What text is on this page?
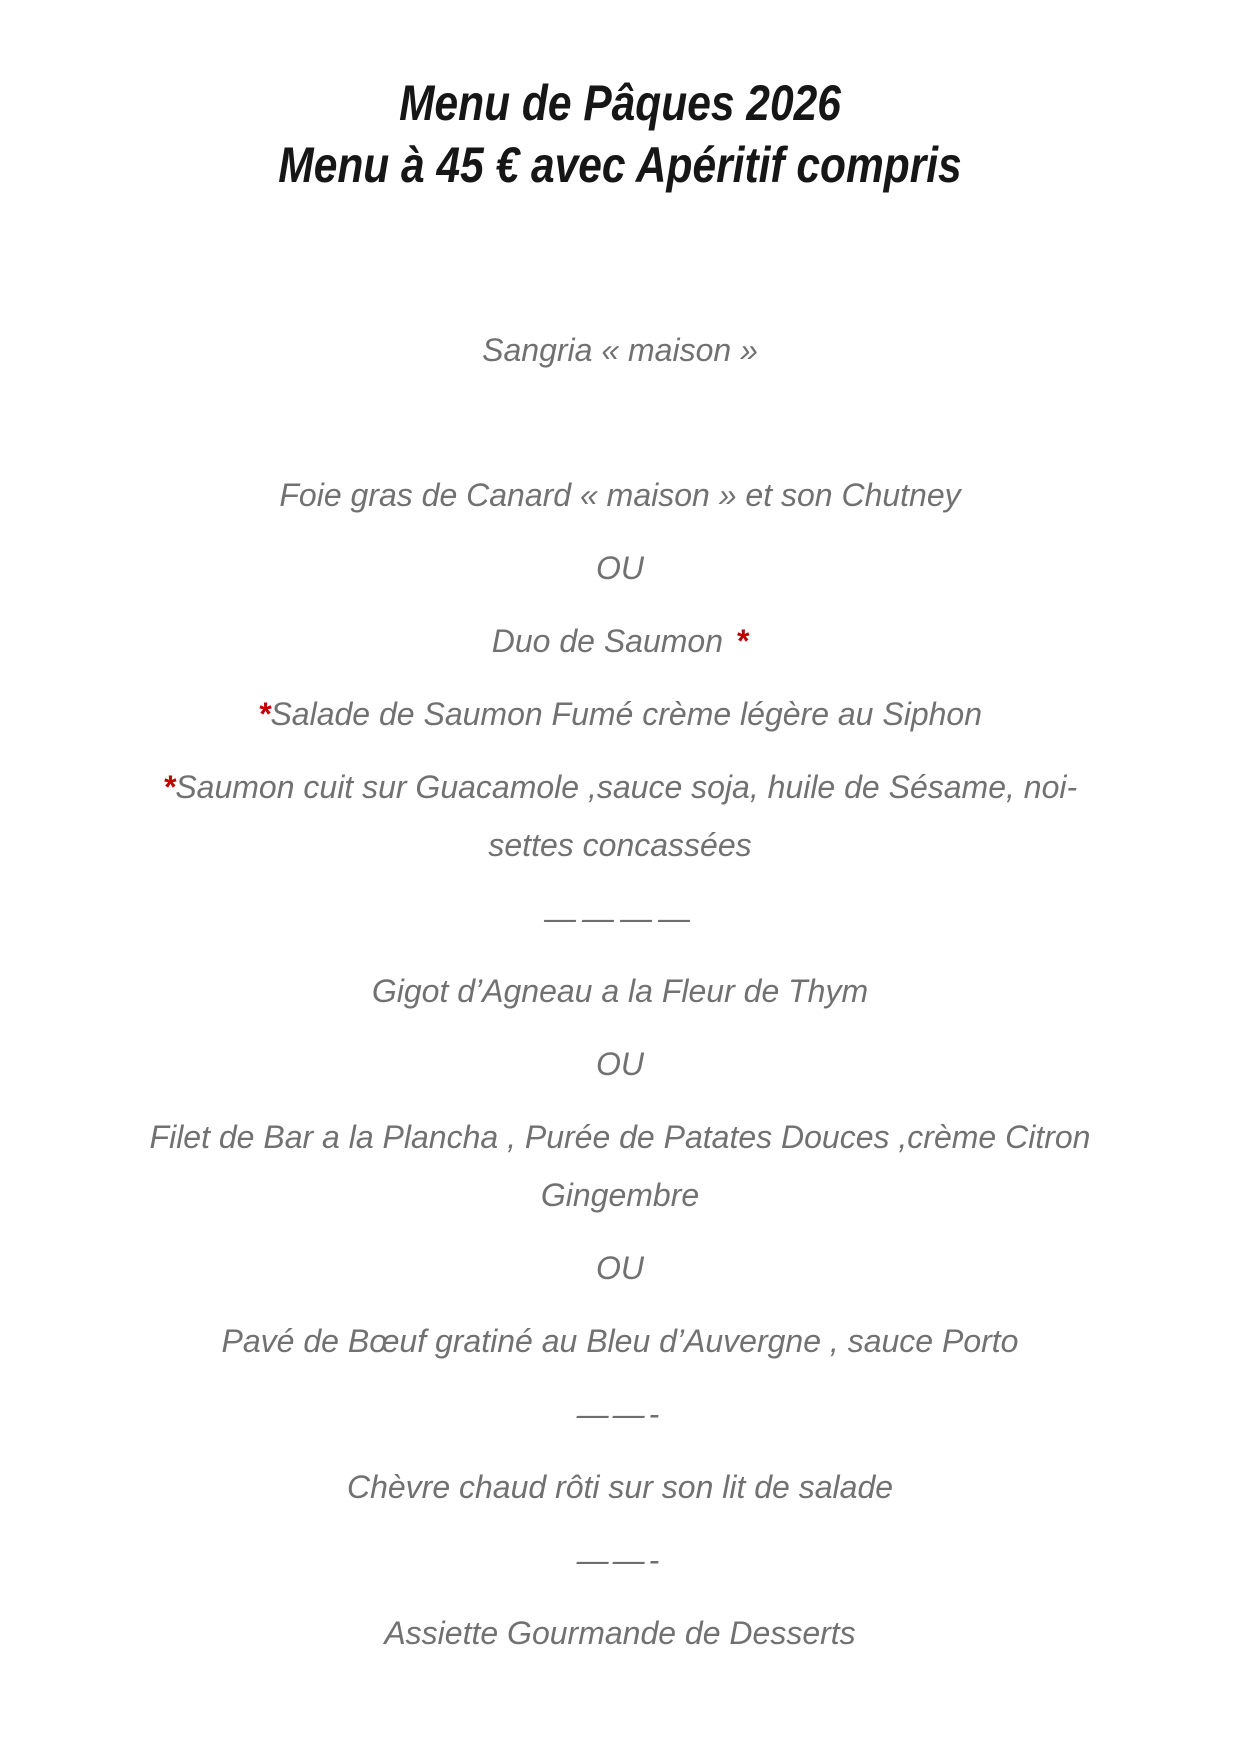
Menu de Pâques 2026
Menu à 45 € avec Apéritif compris

Sangria « maison »

Foie gras de Canard « maison » et son Chutney

OU

Duo de Saumon *

*Salade de Saumon Fumé crème légère au Siphon

*Saumon cuit sur Guacamole ,sauce soja, huile de Sésame, noi-
settes concassées

————

Gigot d’Agneau a la Fleur de Thym

OU

Filet de Bar a la Plancha , Purée de Patates Douces ,crème Citron
Gingembre

OU

Pavé de Bœuf gratiné au Bleu d’Auvergne , sauce Porto

——-

Chèvre chaud rôti sur son lit de salade

——-

Assiette Gourmande de Desserts
